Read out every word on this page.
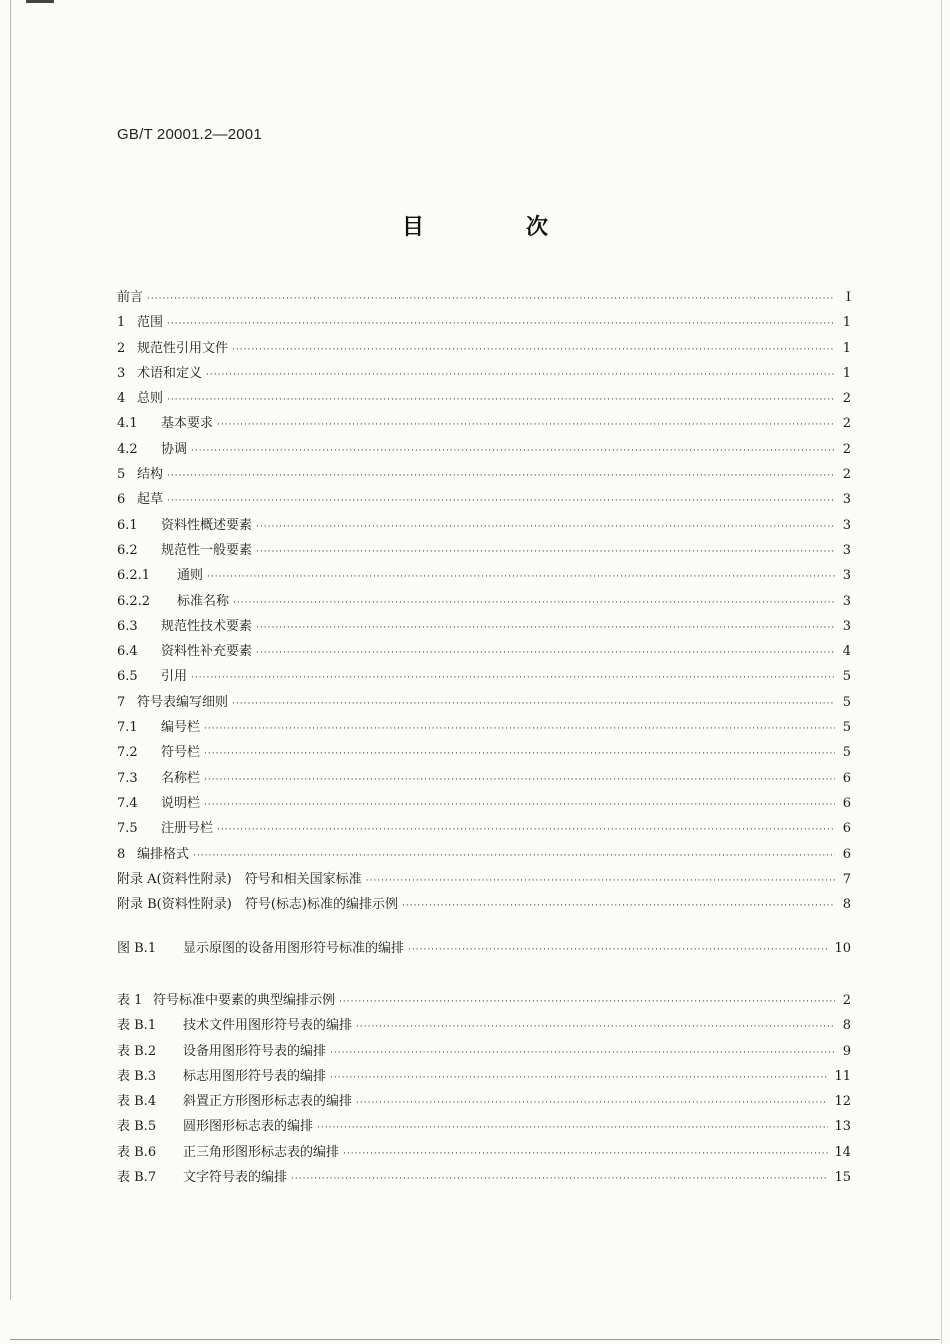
GB/T 20001.2—2001
目　次
前言 ·····	I
1 范围 ·····	1
2 规范性引用文件 ·····	1
3 术语和定义 ·····	1
4 总则 ·····	2
4.1	基本要求 ·····	2
4.2	协调 ·····	2
5 结构 ·····	2
6 起草 ·····	3
6.1	资料性概述要素 ·····	3
6.2	规范性一般要素 ·····	3
6.2.1	通则 ·····	3
6.2.2	标准名称 ·····	3
6.3	规范性技术要素 ·····	3
6.4	资料性补充要素 ·····	4
6.5	引用 ·····	5
7 符号表编写细则 ·····	5
7.1	编号栏 ·····	5
7.2	符号栏 ·····	5
7.3	名称栏 ·····	6
7.4	说明栏 ·····	6
7.5	注册号栏 ·····	6
8 编排格式 ·····	6
附录 A(资料性附录)　符号和相关国家标准 ·····	7
附录 B(资料性附录)　符号(标志)标准的编排示例 ·····	8
图 B.1	显示原图的设备用图形符号标准的编排 ·····	10
表 1 符号标准中要素的典型编排示例 ·····	2
表 B.1	技术文件用图形符号表的编排 ·····	8
表 B.2	设备用图形符号表的编排 ·····	9
表 B.3	标志用图形符号表的编排 ·····	11
表 B.4	斜置正方形图形标志表的编排 ·····	12
表 B.5	圆形图形标志表的编排 ·····	13
表 B.6	正三角形图形标志表的编排 ·····	14
表 B.7	文字符号表的编排 ·····	15
